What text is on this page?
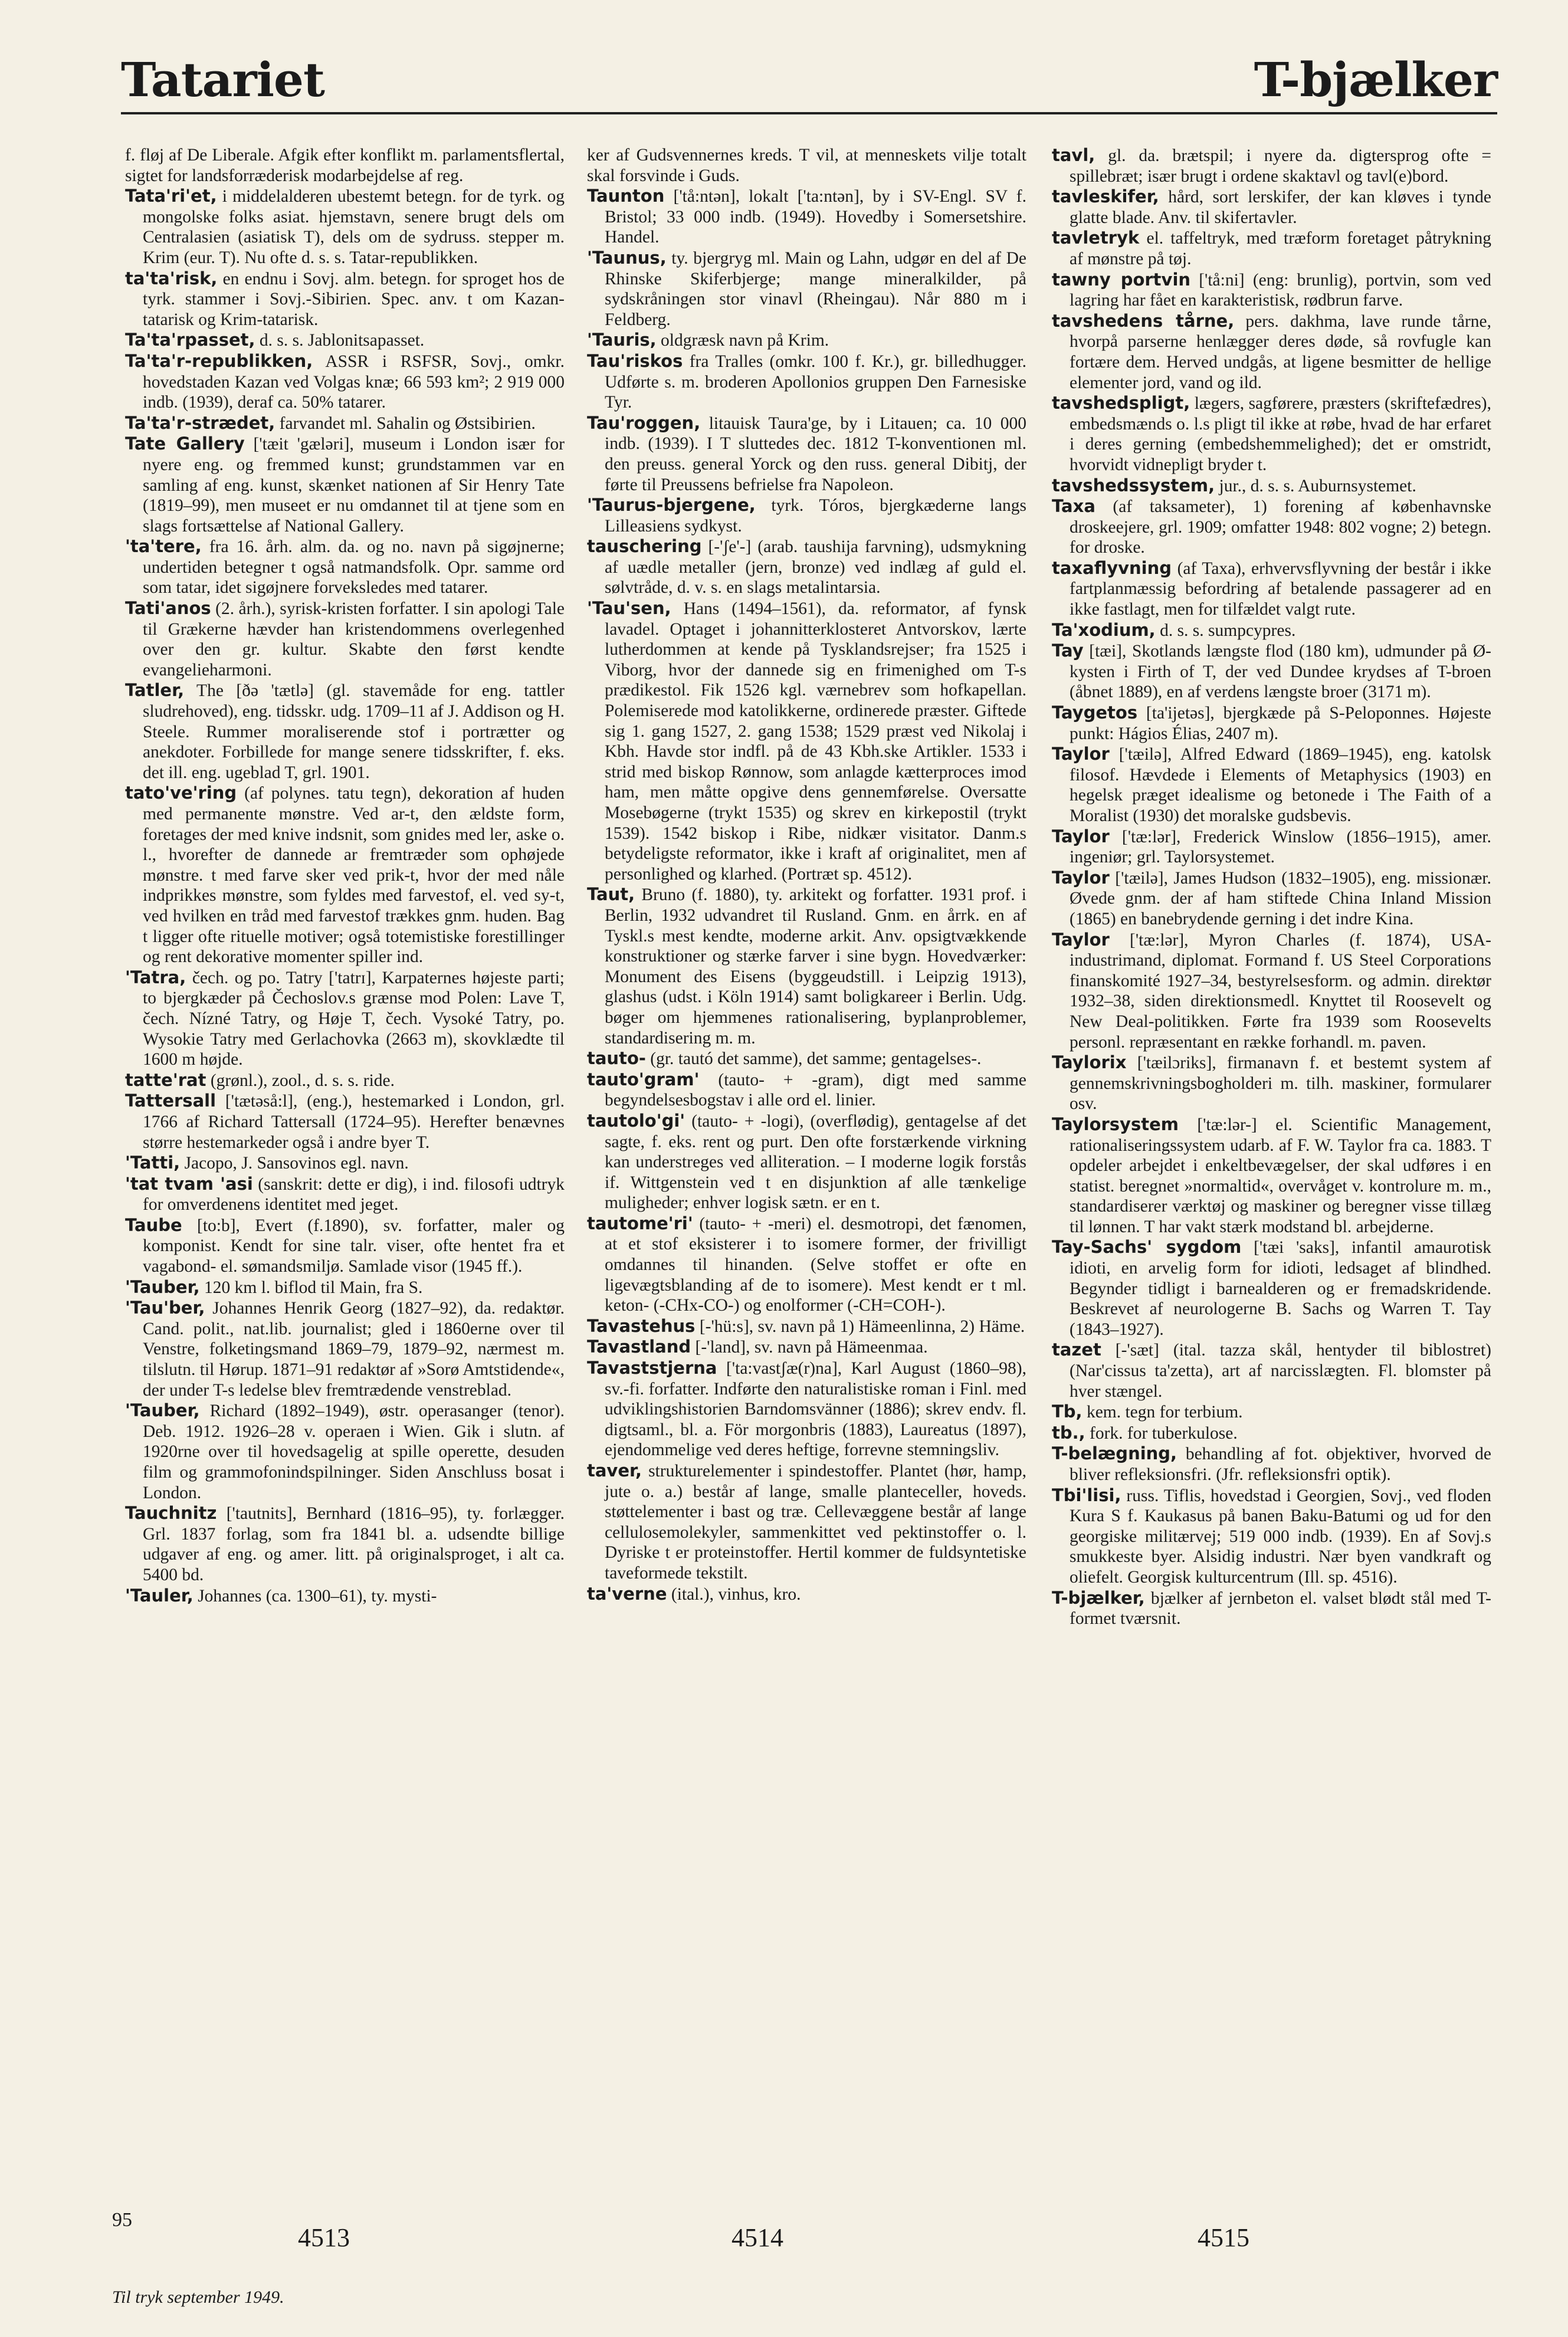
Tatariet	T-bjælker

f. fløj af De Liberale. Afgik efter konflikt m. parlamentsflertal, sigtet for landsforræderisk modarbejdelse af reg.

Tata'ri'et, i middelalderen ubestemt betegn. for de tyrk. og mongolske folks asiat. hjemstavn, senere brugt dels om Centralasien (asiatisk T), dels om de sydruss. stepper m. Krim (eur. T). Nu ofte d. s. s. Tatar-republikken.

ta'ta'risk, en endnu i Sovj. alm. betegn. for sproget hos de tyrk. stammer i Sovj.-Sibirien. Spec. anv. t om Kazan-tatarisk og Krim-tatarisk.

Ta'ta'rpasset, d. s. s. Jablonitsapasset.

Ta'ta'r-republikken, ASSR i RSFSR, Sovj., omkr. hovedstaden Kazan ved Volgas knæ; 66 593 km²; 2 919 000 indb. (1939), deraf ca. 50% tatarer.

Ta'ta'r-strædet, farvandet ml. Sahalin og Østsibirien.

Tate Gallery ['tæit 'gæləri], museum i London især for nyere eng. og fremmed kunst; grundstammen var en samling af eng. kunst, skænket nationen af Sir Henry Tate (1819–99), men museet er nu omdannet til at tjene som en slags fortsættelse af National Gallery.

'ta'tere, fra 16. årh. alm. da. og no. navn på sigøjnerne; undertiden betegner t også natmandsfolk. Opr. samme ord som tatar, idet sigøjnere forveksledes med tatarer.

Tati'anos (2. årh.), syrisk-kristen forfatter. I sin apologi Tale til Grækerne hævder han kristendommens overlegenhed over den gr. kultur. Skabte den først kendte evangelieharmoni.

Tatler, The [ðə 'tætlə] (gl. stavemåde for eng. tattler sludrehoved), eng. tidsskr. udg. 1709–11 af J. Addison og H. Steele. Rummer moraliserende stof i portrætter og anekdoter. Forbillede for mange senere tidsskrifter, f. eks. det ill. eng. ugeblad T, grl. 1901.

tato've'ring (af polynes. tatu tegn), dekoration af huden med permanente mønstre. Ved ar-t, den ældste form, foretages der med knive indsnit, som gnides med ler, aske o. l., hvorefter de dannede ar fremtræder som ophøjede mønstre. t med farve sker ved prik-t, hvor der med nåle indprikkes mønstre, som fyldes med farvestof, el. ved sy-t, ved hvilken en tråd med farvestof trækkes gnm. huden. Bag t ligger ofte rituelle motiver; også totemistiske forestillinger og rent dekorative momenter spiller ind.

'Tatra, čech. og po. Tatry ['tatrɪ], Karpaternes højeste parti; to bjergkæder på Čechoslov.s grænse mod Polen: Lave T, čech. Nízné Tatry, og Høje T, čech. Vysoké Tatry, po. Wysokie Tatry med Gerlachovka (2663 m), skovklædte til 1600 m højde.

tatte'rat (grønl.), zool., d. s. s. ride.

Tattersall ['tætəså:l], (eng.), hestemarked i London, grl. 1766 af Richard Tattersall (1724–95). Herefter benævnes større hestemarkeder også i andre byer T.

'Tatti, Jacopo, J. Sansovinos egl. navn.

'tat tvam 'asi (sanskrit: dette er dig), i ind. filosofi udtryk for omverdenens identitet med jeget.

Taube [to:b], Evert (f.1890), sv. forfatter, maler og komponist. Kendt for sine talr. viser, ofte hentet fra et vagabond- el. sømandsmiljø. Samlade visor (1945 ff.).

'Tauber, 120 km l. biflod til Main, fra S.

'Tau'ber, Johannes Henrik Georg (1827–92), da. redaktør. Cand. polit., nat.lib. journalist; gled i 1860erne over til Venstre, folketingsmand 1869–79, 1879–92, nærmest m. tilslutn. til Hørup. 1871–91 redaktør af »Sorø Amtstidende«, der under T-s ledelse blev fremtrædende venstreblad.

'Tauber, Richard (1892–1949), østr. operasanger (tenor). Deb. 1912. 1926–28 v. operaen i Wien. Gik i slutn. af 1920rne over til hovedsagelig at spille operette, desuden film og grammofonindspilninger. Siden Anschluss bosat i London.

Tauchnitz ['tautnits], Bernhard (1816–95), ty. forlægger. Grl. 1837 forlag, som fra 1841 bl. a. udsendte billige udgaver af eng. og amer. litt. på originalsproget, i alt ca. 5400 bd.

'Tauler, Johannes (ca. 1300–61), ty. mysti-

ker af Gudsvennernes kreds. T vil, at menneskets vilje totalt skal forsvinde i Guds.

Taunton ['tå:ntən], lokalt ['ta:ntən], by i SV-Engl. SV f. Bristol; 33 000 indb. (1949). Hovedby i Somersetshire. Handel.

'Taunus, ty. bjergryg ml. Main og Lahn, udgør en del af De Rhinske Skiferbjerge; mange mineralkilder, på sydskråningen stor vinavl (Rheingau). Når 880 m i Feldberg.

'Tauris, oldgræsk navn på Krim.

Tau'riskos fra Tralles (omkr. 100 f. Kr.), gr. billedhugger. Udførte s. m. broderen Apollonios gruppen Den Farnesiske Tyr.

Tau'roggen, litauisk Taura'ge, by i Litauen; ca. 10 000 indb. (1939). I T sluttedes dec. 1812 T-konventionen ml. den preuss. general Yorck og den russ. general Dibitj, der førte til Preussens befrielse fra Napoleon.

'Taurus-bjergene, tyrk. Tóros, bjergkæderne langs Lilleasiens sydkyst.

tauschering [-'ʃe'-] (arab. taushija farvning), udsmykning af uædle metaller (jern, bronze) ved indlæg af guld el. sølvtråde, d. v. s. en slags metalintarsia.

'Tau'sen, Hans (1494–1561), da. reformator, af fynsk lavadel. Optaget i johannitterklosteret Antvorskov, lærte lutherdommen at kende på Tysklandsrejser; fra 1525 i Viborg, hvor der dannede sig en frimenighed om T-s prædikestol. Fik 1526 kgl. værnebrev som hofkapellan. Polemiserede mod katolikkerne, ordinerede præster. Giftede sig 1. gang 1527, 2. gang 1538; 1529 præst ved Nikolaj i Kbh. Havde stor indfl. på de 43 Kbh.ske Artikler. 1533 i strid med biskop Rønnow, som anlagde kætterproces imod ham, men måtte opgive dens gennemførelse. Oversatte Mosebøgerne (trykt 1535) og skrev en kirkepostil (trykt 1539). 1542 biskop i Ribe, nidkær visitator. Danm.s betydeligste reformator, ikke i kraft af originalitet, men af personlighed og klarhed. (Portræt sp. 4512).

Taut, Bruno (f. 1880), ty. arkitekt og forfatter. 1931 prof. i Berlin, 1932 udvandret til Rusland. Gnm. en årrk. en af Tyskl.s mest kendte, moderne arkit. Anv. opsigtvækkende konstruktioner og stærke farver i sine bygn. Hovedværker: Monument des Eisens (byggeudstill. i Leipzig 1913), glashus (udst. i Köln 1914) samt boligkareer i Berlin. Udg. bøger om hjemmenes rationalisering, byplanproblemer, standardisering m. m.

tauto- (gr. tautó det samme), det samme; gentagelses-.

tauto'gram' (tauto- + -gram), digt med samme begyndelsesbogstav i alle ord el. linier.

tautolo'gi' (tauto- + -logi), (overflødig), gentagelse af det sagte, f. eks. rent og purt. Den ofte forstærkende virkning kan understreges ved alliteration. – I moderne logik forstås if. Wittgenstein ved t en disjunktion af alle tænkelige muligheder; enhver logisk sætn. er en t.

tautome'ri' (tauto- + -meri) el. desmotropi, det fænomen, at et stof eksisterer i to isomere former, der frivilligt omdannes til hinanden. (Selve stoffet er ofte en ligevægtsblanding af de to isomere). Mest kendt er t ml. keton- (-CHx-CO-) og enolformer (-CH=COH-).

Tavastehus [-'hü:s], sv. navn på 1) Hämeenlinna, 2) Häme.

Tavastland [-'land], sv. navn på Hämeenmaa.

Tavaststjerna ['ta:vastʃæ(r)na], Karl August (1860–98), sv.-fi. forfatter. Indførte den naturalistiske roman i Finl. med udviklingshistorien Barndomsvänner (1886); skrev endv. fl. digtsaml., bl. a. För morgonbris (1883), Laureatus (1897), ejendommelige ved deres heftige, forrevne stemningsliv.

taver, strukturelementer i spindestoffer. Plantet (hør, hamp, jute o. a.) består af lange, smalle planteceller, hoveds. støttelementer i bast og træ. Cellevæggene består af lange cellulosemolekyler, sammenkittet ved pektinstoffer o. l. Dyriske t er proteinstoffer. Hertil kommer de fuldsyntetiske taveformede tekstilt.

ta'verne (ital.), vinhus, kro.

tavl, gl. da. brætspil; i nyere da. digtersprog ofte = spillebræt; især brugt i ordene skaktavl og tavl(e)bord.

tavleskifer, hård, sort lerskifer, der kan kløves i tynde glatte blade. Anv. til skifertavler.

tavletryk el. taffeltryk, med træform foretaget påtrykning af mønstre på tøj.

tawny portvin ['tå:ni] (eng: brunlig), portvin, som ved lagring har fået en karakteristisk, rødbrun farve.

tavshedens tårne, pers. dakhma, lave runde tårne, hvorpå parserne henlægger deres døde, så rovfugle kan fortære dem. Herved undgås, at ligene besmitter de hellige elementer jord, vand og ild.

tavshedspligt, lægers, sagførere, præsters (skriftefædres), embedsmænds o. l.s pligt til ikke at røbe, hvad de har erfaret i deres gerning (embedshemmelighed); det er omstridt, hvorvidt vidnepligt bryder t.

tavshedssystem, jur., d. s. s. Auburnsystemet.

Taxa (af taksameter), 1) forening af københavnske droskeejere, grl. 1909; omfatter 1948: 802 vogne; 2) betegn. for droske.

taxaflyvning (af Taxa), erhvervsflyvning der består i ikke fartplanmæssig befordring af betalende passagerer ad en ikke fastlagt, men for tilfældet valgt rute.

Ta'xodium, d. s. s. sumpcypres.

Tay [tæi], Skotlands længste flod (180 km), udmunder på Ø-kysten i Firth of T, der ved Dundee krydses af T-broen (åbnet 1889), en af verdens længste broer (3171 m).

Taygetos [ta'ijetəs], bjergkæde på S-Peloponnes. Højeste punkt: Hágios Élias, 2407 m).

Taylor ['tæilə], Alfred Edward (1869–1945), eng. katolsk filosof. Hævdede i Elements of Metaphysics (1903) en hegelsk præget idealisme og betonede i The Faith of a Moralist (1930) det moralske gudsbevis.

Taylor ['tæ:lər], Frederick Winslow (1856–1915), amer. ingeniør; grl. Taylorsystemet.

Taylor ['tæilə], James Hudson (1832–1905), eng. missionær. Øvede gnm. der af ham stiftede China Inland Mission (1865) en banebrydende gerning i det indre Kina.

Taylor ['tæ:lər], Myron Charles (f. 1874), USA-industrimand, diplomat. Formand f. US Steel Corporations finanskomité 1927–34, bestyrelsesform. og admin. direktør 1932–38, siden direktionsmedl. Knyttet til Roosevelt og New Deal-politikken. Førte fra 1939 som Roosevelts personl. repræsentant en række forhandl. m. paven.

Taylorix ['tæilɔriks], firmanavn f. et bestemt system af gennemskrivningsbogholderi m. tilh. maskiner, formularer osv.

Taylorsystem ['tæ:lər-] el. Scientific Management, rationaliseringssystem udarb. af F. W. Taylor fra ca. 1883. T opdeler arbejdet i enkeltbevægelser, der skal udføres i en statist. beregnet »normaltid«, overvåget v. kontrolure m. m., standardiserer værktøj og maskiner og beregner visse tillæg til lønnen. T har vakt stærk modstand bl. arbejderne.

Tay-Sachs' sygdom ['tæi 'saks], infantil amaurotisk idioti, en arvelig form for idioti, ledsaget af blindhed. Begynder tidligt i barnealderen og er fremadskridende. Beskrevet af neurologerne B. Sachs og Warren T. Tay (1843–1927).

tazet [-'sæt] (ital. tazza skål, hentyder til biblostret) (Nar'cissus ta'zetta), art af narcisslægten. Fl. blomster på hver stængel.

Tb, kem. tegn for terbium.

tb., fork. for tuberkulose.

T-belægning, behandling af fot. objektiver, hvorved de bliver refleksionsfri. (Jfr. refleksionsfri optik).

Tbi'lisi, russ. Tiflis, hovedstad i Georgien, Sovj., ved floden Kura S f. Kaukasus på banen Baku-Batumi og ud for den georgiske militærvej; 519 000 indb. (1939). En af Sovj.s smukkeste byer. Alsidig industri. Nær byen vandkraft og oliefelt. Georgisk kulturcentrum (Ill. sp. 4516).

T-bjælker, bjælker af jernbeton el. valset blødt stål med T-formet tværsnit.

95
4513	4514	4515
Til tryk september 1949.
